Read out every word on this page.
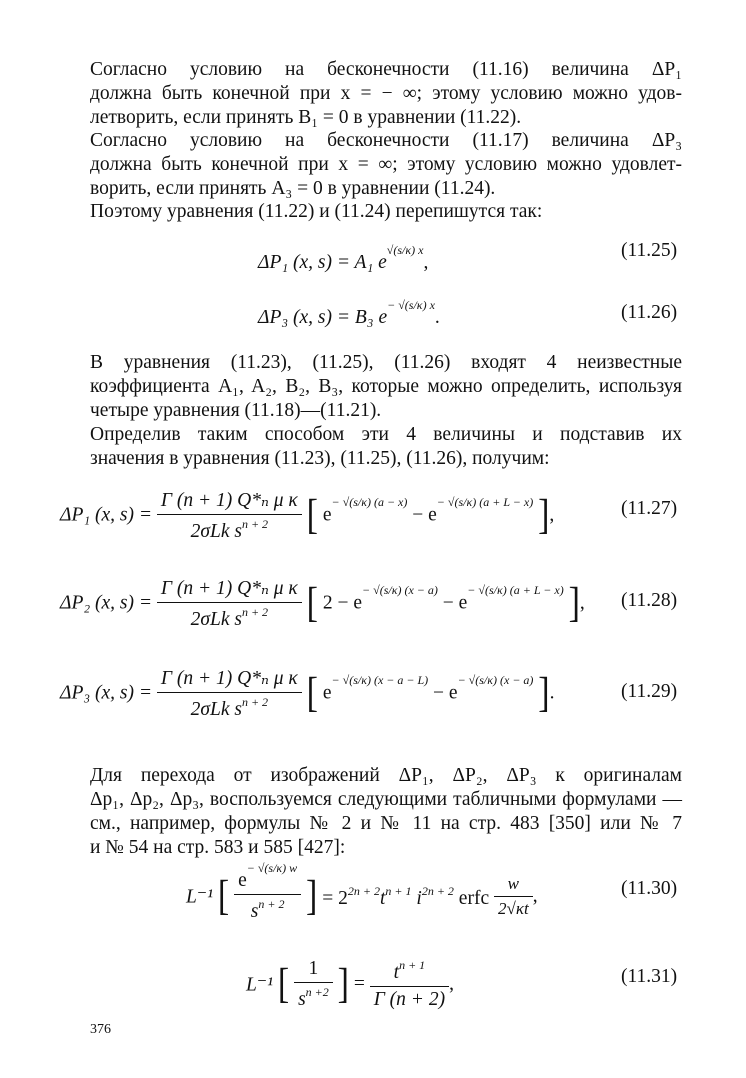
Согласно условию на бесконечности (11.16) величина ΔP₁
должна быть конечной при x = − ∞; этому условию можно удов-
летворить, если принять B₁ = 0 в уравнении (11.22).
Согласно условию на бесконечности (11.17) величина ΔP₃
должна быть конечной при x = ∞; этому условию можно удовлет-
ворить, если принять A₃ = 0 в уравнении (11.24).
Поэтому уравнения (11.22) и (11.24) перепишутся так:
ΔP₁ (x, s) = A₁ $e^{√(s/\kappa) x}$,
(11.25)
ΔP₃ (x, s) = B₃ $e^{- √(s/\kappa) x}$.	(11.26)
В уравнения (11.23), (11.25), (11.26) входят 4 неизвестные
коэффициента A₁, A₂, B₂, B₃, которые можно определить, используя
четыре уравнения (11.18)—(11.21).
Определив таким способом эти 4 величины и подставив их
значения в уравнения (11.23), (11.25), (11.26), получим:
ΔP₁ (x, $s) = \frac{\text{Γ (n + 1) Q*ₙ μ κ}}{2\sigma Lk s^{n + 2}}$ [ $e^{- √(s/\kappa) (a - x)} - e^{- √(s/\kappa) (a + L - x)}$ ],	(11.27)
ΔP₂ (x, $s) = \frac{\text{Γ (n + 1) Q*ₙ μ κ}}{2\sigma Lk s^{n + 2}}$ [ $2 - e^{- √(s/\kappa) (x - a)} - e^{- √(s/\kappa) (a + L - x)}$ ], (11.28)
ΔP₃ (x, $s) = \frac{\text{Γ (n + 1) Q*ₙ μ κ}}{2\sigma Lk s^{n + 2}}$ [ $e^{- √(s/\kappa) (x - a - L)} - e^{- √(s/\kappa) (x - a)}$ ].	(11.29)
Для перехода от изображений ΔP₁, ΔP₂, ΔP₃ к оригиналам
Δp₁, Δp₂, Δp₃, воспользуемся следующими табличными формулами —
см., например, формулы № 2 и № 11 на стр. 483 [350] или № 7
и № 54 на стр. 583 и 585 [427]:
L⁻¹ [ $\frac{e^{- √(s/\kappa) w}}{s^{n + 2}}$ ] = $2^{2n + 2}t^{n + 1}$ $i^{2n + 2}$ erfc $\frac{w}{2√\kappa t}$ ,	(11.30)
L⁻¹ [ $\frac{1}{s^{n +2}}$ ] = $\frac{t^{n + 1}}{\Gamma (n + 2)}$ ,	(11.31)
376
